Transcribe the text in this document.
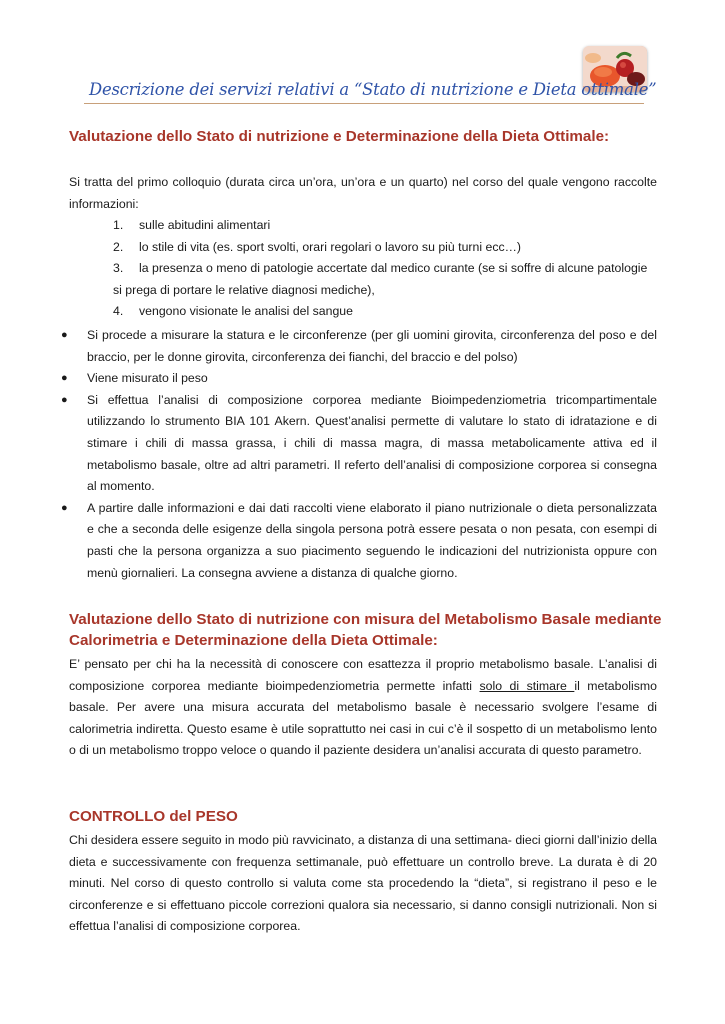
Descrizione dei servizi relativi a “Stato di nutrizione e Dieta ottimale”
Valutazione dello Stato di nutrizione e Determinazione della Dieta Ottimale:
Si tratta del primo colloquio (durata circa un’ora, un’ora e un quarto) nel corso del quale vengono raccolte informazioni:
1. sulle abitudini alimentari
2. lo stile di vita (es. sport svolti, orari regolari o lavoro su più turni ecc…)
3. la presenza o meno di patologie accertate dal medico curante (se si soffre di alcune patologie
si prega di portare le relative diagnosi mediche),
4. vengono visionate le analisi del sangue
● Si procede a misurare la statura e le circonferenze (per gli uomini girovita, circonferenza del poso e del braccio, per le donne girovita, circonferenza dei fianchi, del braccio e del polso)
● Viene misurato il peso
● Si effettua l’analisi di composizione corporea mediante Bioimpedenziometria tricompartimentale utilizzando lo strumento BIA 101 Akern. Quest’analisi permette di valutare lo stato di idratazione e di stimare i chili di massa grassa, i chili di massa magra, di massa metabolicamente attiva ed il metabolismo basale, oltre ad altri parametri. Il referto dell’analisi di composizione corporea si consegna al momento.
● A partire dalle informazioni e dai dati raccolti viene elaborato il piano nutrizionale o dieta personalizzata e che a seconda delle esigenze della singola persona potrà essere pesata o non pesata, con esempi di pasti che la persona organizza a suo piacimento seguendo le indicazioni del nutrizionista oppure con menù giornalieri. La consegna avviene a distanza di qualche giorno.
Valutazione dello Stato di nutrizione con misura del Metabolismo Basale mediante Calorimetria e Determinazione della Dieta Ottimale:
E’ pensato per chi ha la necessità di conoscere con esattezza il proprio metabolismo basale. L’analisi di composizione corporea mediante bioimpedenziometria permette infatti solo di stimare il metabolismo basale. Per avere una misura accurata del metabolismo basale è necessario svolgere l’esame di calorimetria indiretta. Questo esame è utile soprattutto nei casi in cui c’è il sospetto di un metabolismo lento o di un metabolismo troppo veloce o quando il paziente desidera un’analisi accurata di questo parametro.
CONTROLLO del PESO
Chi desidera essere seguito in modo più ravvicinato, a distanza di una settimana- dieci giorni dall’inizio della dieta e successivamente con frequenza settimanale, può effettuare un controllo breve. La durata è di 20 minuti. Nel corso di questo controllo si valuta come sta procedendo la “dieta”, si registrano il peso e le circonferenze e si effettuano piccole correzioni qualora sia necessario, si danno consigli nutrizionali. Non si effettua l’analisi di composizione corporea.
